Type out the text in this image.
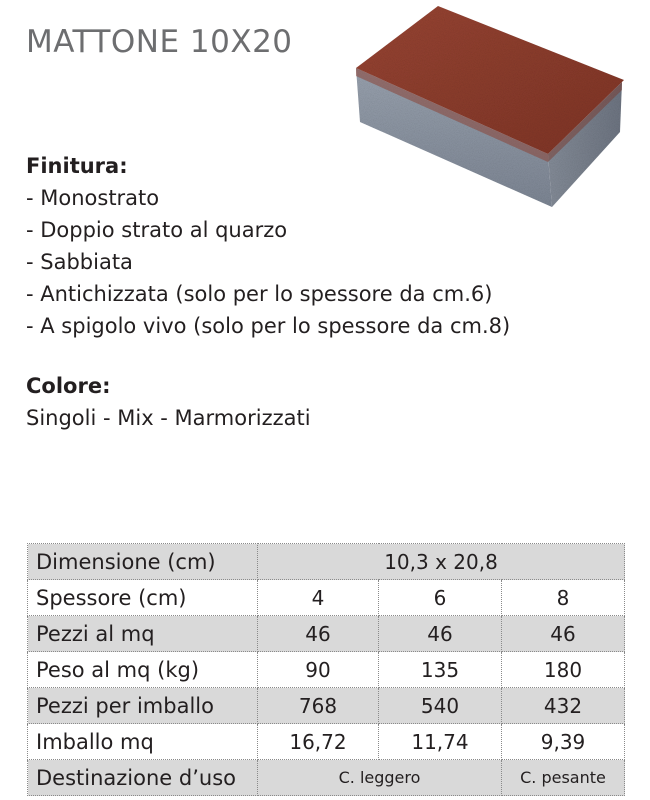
MATTONE 10X20
Finitura:
- Monostrato
- Doppio strato al quarzo
- Sabbiata
- Antichizzata (solo per lo spessore da cm.6)
- A spigolo vivo (solo per lo spessore da cm.8)
Colore:
Singoli - Mix - Marmorizzati
Dimensione (cm)	10,3 x 20,8		
Spessore (cm)	4	6	8
Pezzi al mq	46	46	46
Peso al mq (kg)	90	135	180
Pezzi per imballo	768	540	432
Imballo mq	16,72	11,74	9,39
Destinazione d’uso	C. leggero		C. pesante
